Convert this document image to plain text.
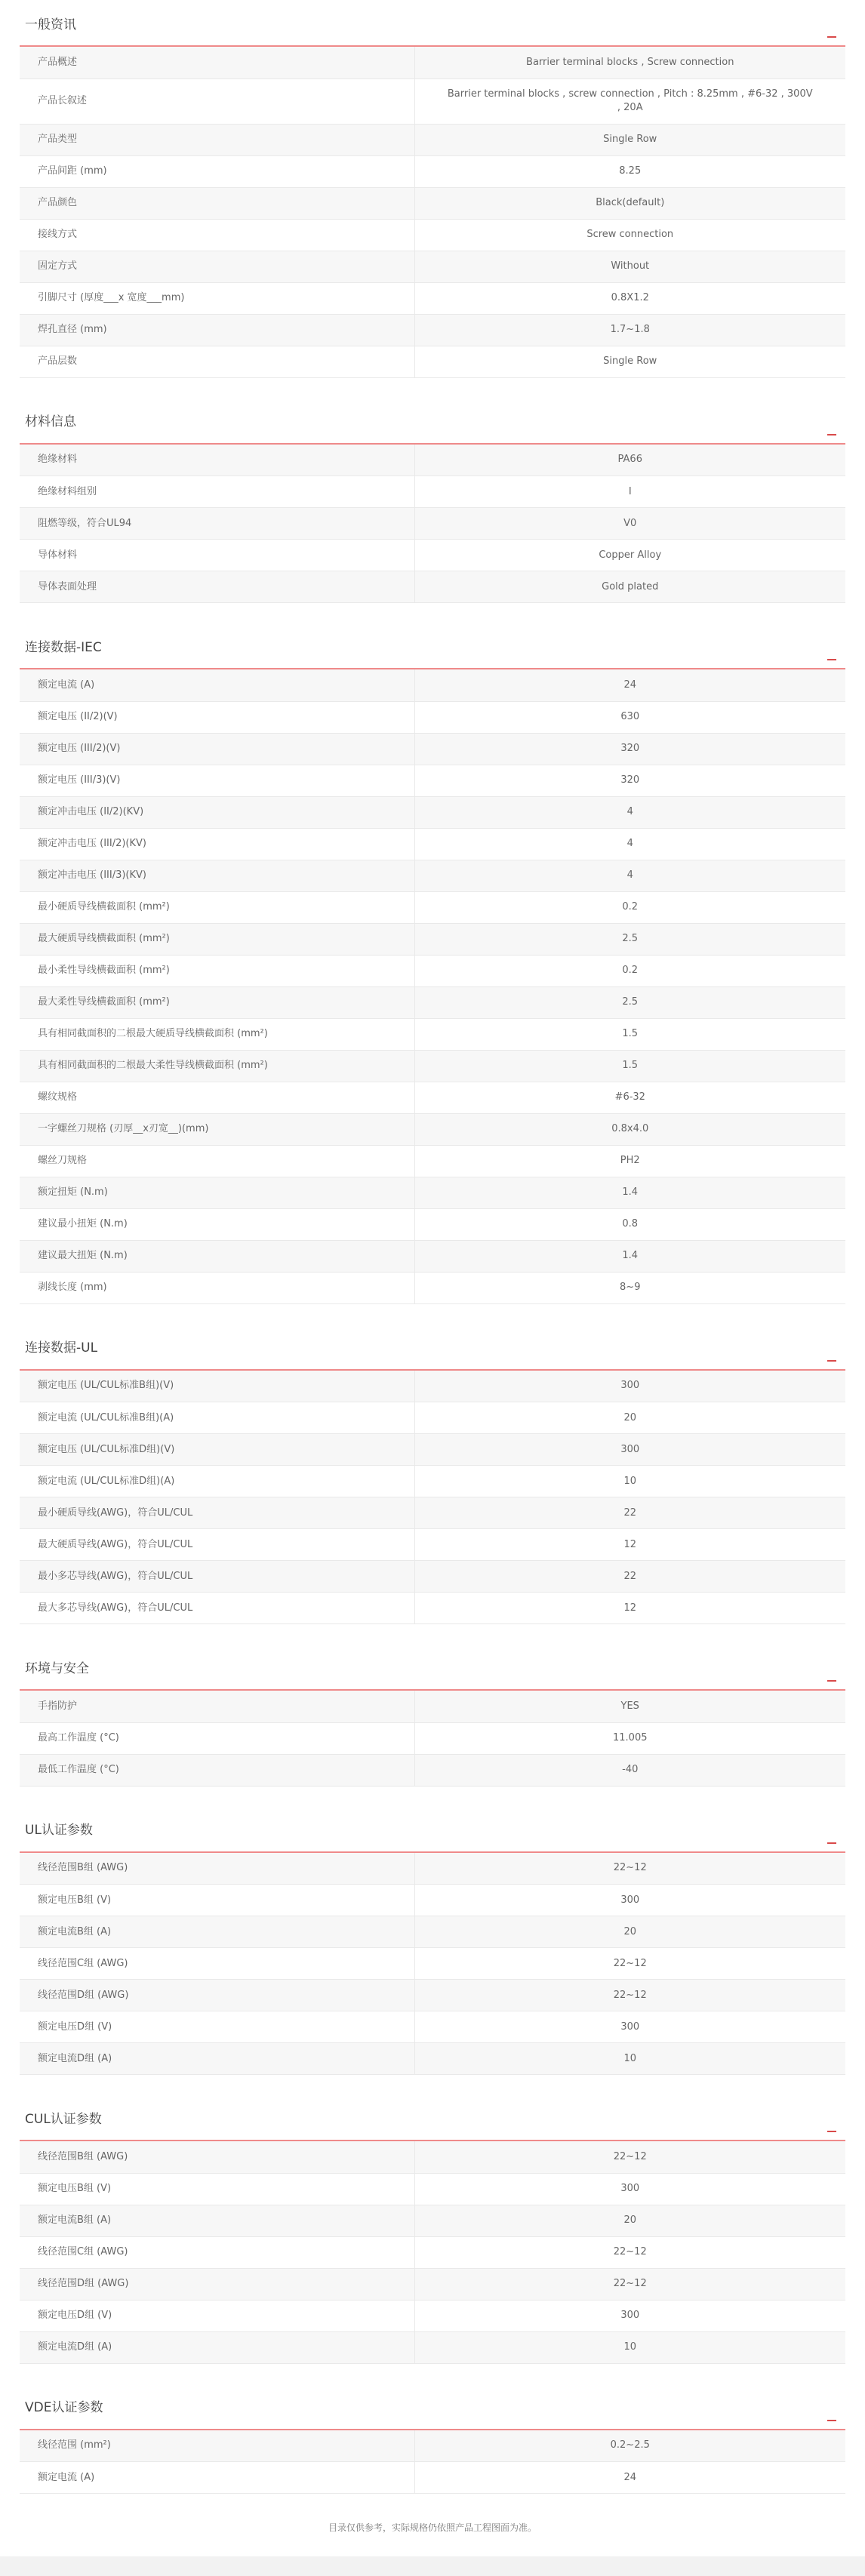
一般资讯
产品概述	Barrier terminal blocks , Screw connection
产品长叙述	Barrier terminal blocks , screw connection , Pitch : 8.25mm , #6-32 , 300V , 20A
产品类型	Single Row
产品间距 (mm)	8.25
产品颜色	Black(default)
接线方式	Screw connection
固定方式	Without
引脚尺寸 (厚度___x 宽度___mm)	0.8X1.2
焊孔直径 (mm)	1.7~1.8
产品层数	Single Row
材料信息
绝缘材料	PA66
绝缘材料组别	I
阻燃等级，符合UL94	V0
导体材料	Copper Alloy
导体表面处理	Gold plated
连接数据-IEC
额定电流 (A)	24
额定电压 (II/2)(V)	630
额定电压 (III/2)(V)	320
额定电压 (III/3)(V)	320
额定冲击电压 (II/2)(KV)	4
额定冲击电压 (III/2)(KV)	4
额定冲击电压 (III/3)(KV)	4
最小硬质导线横截面积 (mm²)	0.2
最大硬质导线横截面积 (mm²)	2.5
最小柔性导线横截面积 (mm²)	0.2
最大柔性导线横截面积 (mm²)	2.5
具有相同截面积的二根最大硬质导线横截面积 (mm²)	1.5
具有相同截面积的二根最大柔性导线横截面积 (mm²)	1.5
螺纹规格	#6-32
一字螺丝刀规格 (刃厚__x刃宽__)(mm)	0.8x4.0
螺丝刀规格	PH2
额定扭矩 (N.m)	1.4
建议最小扭矩 (N.m)	0.8
建议最大扭矩 (N.m)	1.4
剥线长度 (mm)	8~9
连接数据-UL
额定电压 (UL/CUL标准B组)(V)	300
额定电流 (UL/CUL标准B组)(A)	20
额定电压 (UL/CUL标准D组)(V)	300
额定电流 (UL/CUL标准D组)(A)	10
最小硬质导线(AWG)，符合UL/CUL	22
最大硬质导线(AWG)，符合UL/CUL	12
最小多芯导线(AWG)，符合UL/CUL	22
最大多芯导线(AWG)，符合UL/CUL	12
环境与安全
手指防护	YES
最高工作温度 (°C)	11.005
最低工作温度 (°C)	-40
UL认证参数
线径范围B组 (AWG)	22~12
额定电压B组 (V)	300
额定电流B组 (A)	20
线径范围C组 (AWG)	22~12
线径范围D组 (AWG)	22~12
额定电压D组 (V)	300
额定电流D组 (A)	10
CUL认证参数
线径范围B组 (AWG)	22~12
额定电压B组 (V)	300
额定电流B组 (A)	20
线径范围C组 (AWG)	22~12
线径范围D组 (AWG)	22~12
额定电压D组 (V)	300
额定电流D组 (A)	10
VDE认证参数
线径范围 (mm²)	0.2~2.5
额定电流 (A)	24
目录仅供参考，实际规格仍依照产品工程图面为准。
